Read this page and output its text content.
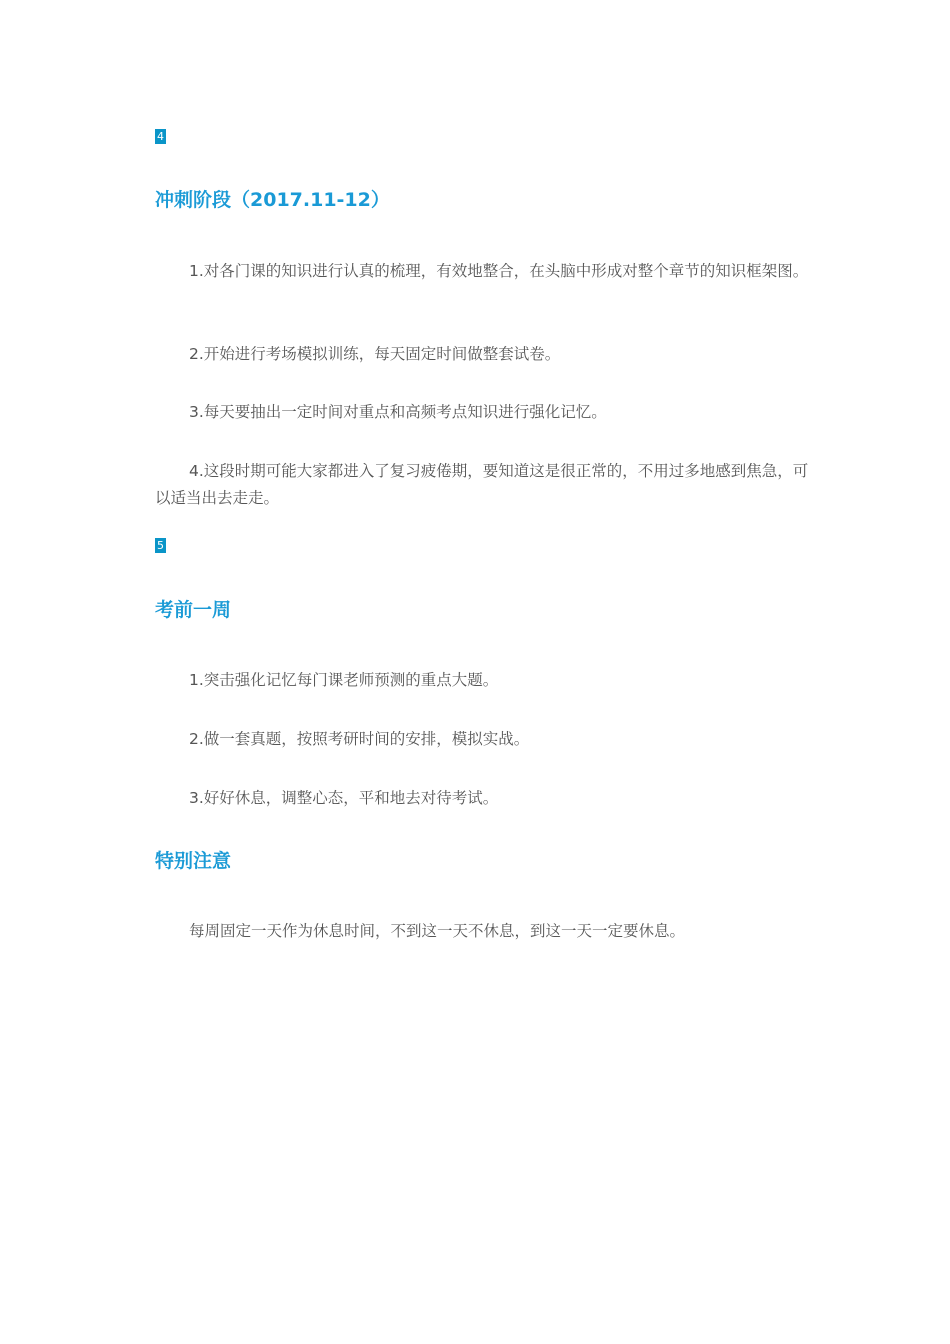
4
冲刺阶段（2017.11-12）

1.对各门课的知识进行认真的梳理，有效地整合，在头脑中形成对整个章节的知识框架图。

2.开始进行考场模拟训练，每天固定时间做整套试卷。

3.每天要抽出一定时间对重点和高频考点知识进行强化记忆。

4.这段时期可能大家都进入了复习疲倦期，要知道这是很正常的，不用过多地感到焦急，可以适当出去走走。

5
考前一周

1.突击强化记忆每门课老师预测的重点大题。

2.做一套真题，按照考研时间的安排，模拟实战。

3.好好休息，调整心态，平和地去对待考试。

特别注意

每周固定一天作为休息时间，不到这一天不休息，到这一天一定要休息。
